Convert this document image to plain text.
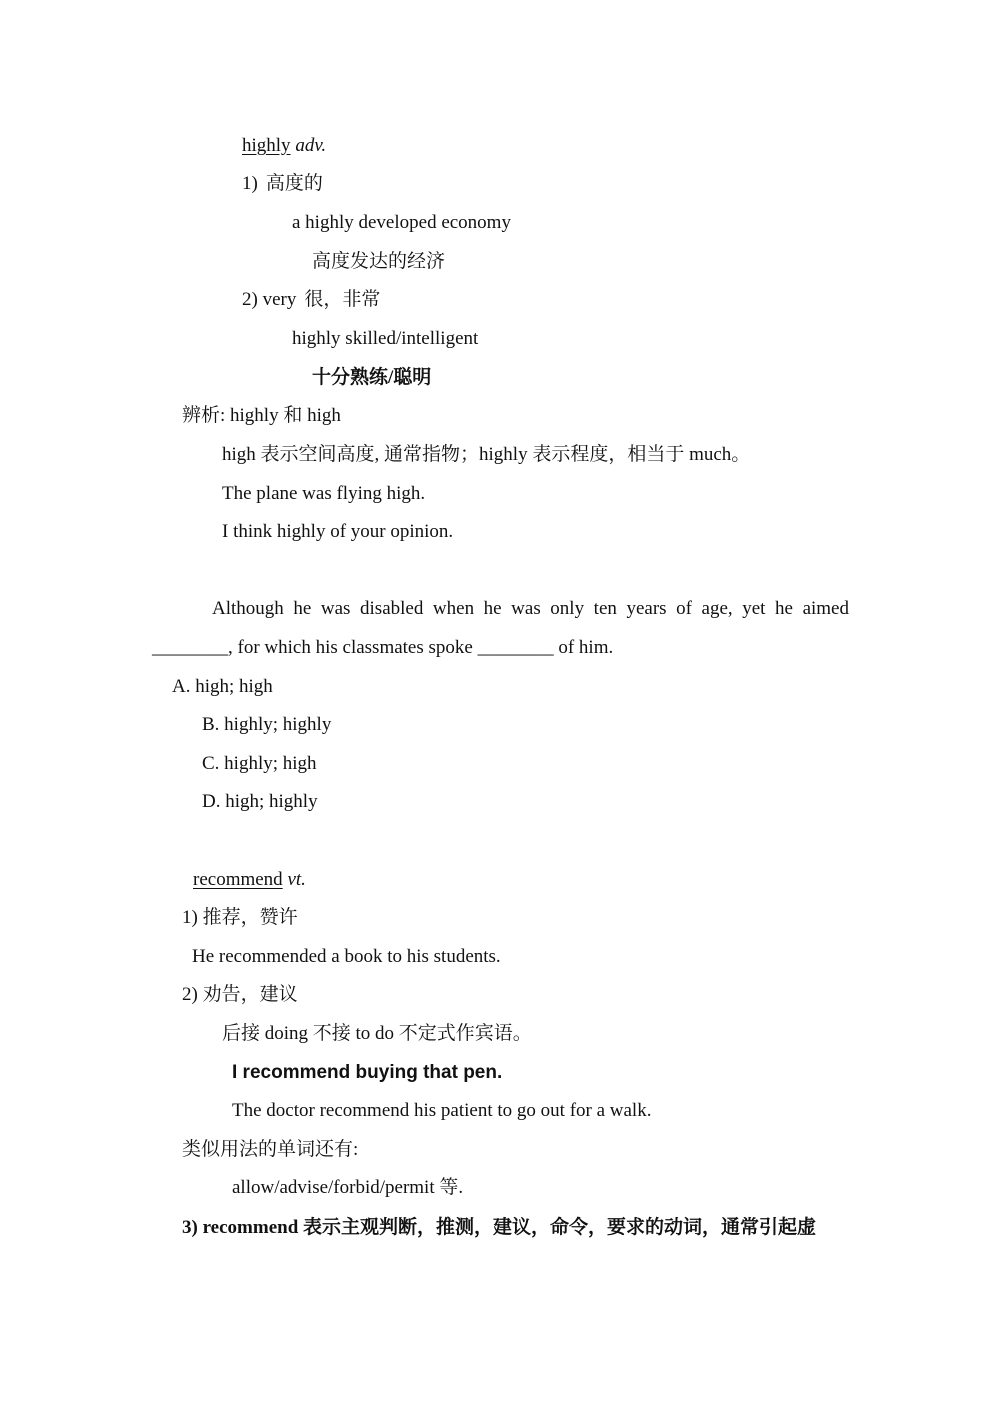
highly adv.
1) 高度的
a highly developed economy
高度发达的经济
2) very 很，非常
highly skilled/intelligent
十分熟练/聪明
辨析: highly 和 high
high 表示空间高度, 通常指物；highly 表示程度，相当于 much。
The plane was flying high.
I think highly of your opinion.
Although he was disabled when he was only ten years of age, yet he aimed
________, for which his classmates spoke ________ of him.
A. high; high
B. highly; highly
C. highly; high
D. high; highly
recommend vt.
1) 推荐，赞许
He recommended a book to his students.
2) 劝告，建议
后接 doing 不接 to do 不定式作宾语。
I recommend buying that pen.
The doctor recommend his patient to go out for a walk.
类似用法的单词还有:
allow/advise/forbid/permit 等.
3) recommend 表示主观判断，推测，建议，命令，要求的动词，通常引起虚
